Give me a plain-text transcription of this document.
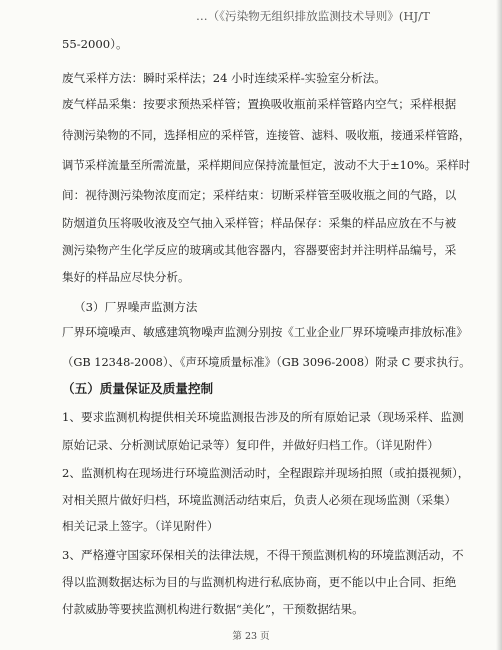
…（《污染物无组织排放监测技术导则》(HJ/T
55-2000）。
废气采样方法：瞬时采样法；24 小时连续采样-实验室分析法。
废气样品采集：按要求预热采样管；置换吸收瓶前采样管路内空气；采样根据
待测污染物的不同，选择相应的采样管，连接管、滤料、吸收瓶，接通采样管路，
调节采样流量至所需流量，采样期间应保持流量恒定，波动不大于±10%。采样时
间：视待测污染物浓度而定；采样结束：切断采样管至吸收瓶之间的气路，以
防烟道负压将吸收液及空气抽入采样管；样品保存：采集的样品应放在不与被
测污染物产生化学反应的玻璃或其他容器内，容器要密封并注明样品编号，采
集好的样品应尽快分析。
（3）厂界噪声监测方法
厂界环境噪声、敏感建筑物噪声监测分别按《工业企业厂界环境噪声排放标准》
（GB 12348-2008）、《声环境质量标准》（GB 3096-2008）附录 C 要求执行。
（五）质量保证及质量控制
1、要求监测机构提供相关环境监测报告涉及的所有原始记录（现场采样、监测
原始记录、分析测试原始记录等）复印件，并做好归档工作。（详见附件）
2、监测机构在现场进行环境监测活动时，全程跟踪并现场拍照（或拍摄视频），
对相关照片做好归档，环境监测活动结束后，负责人必须在现场监测（采集）
相关记录上签字。（详见附件）
3、严格遵守国家环保相关的法律法规，不得干预监测机构的环境监测活动，不
得以监测数据达标为目的与监测机构进行私底协商，更不能以中止合同、拒绝
付款威胁等要挟监测机构进行数据“美化”，干预数据结果。
第 23 页
